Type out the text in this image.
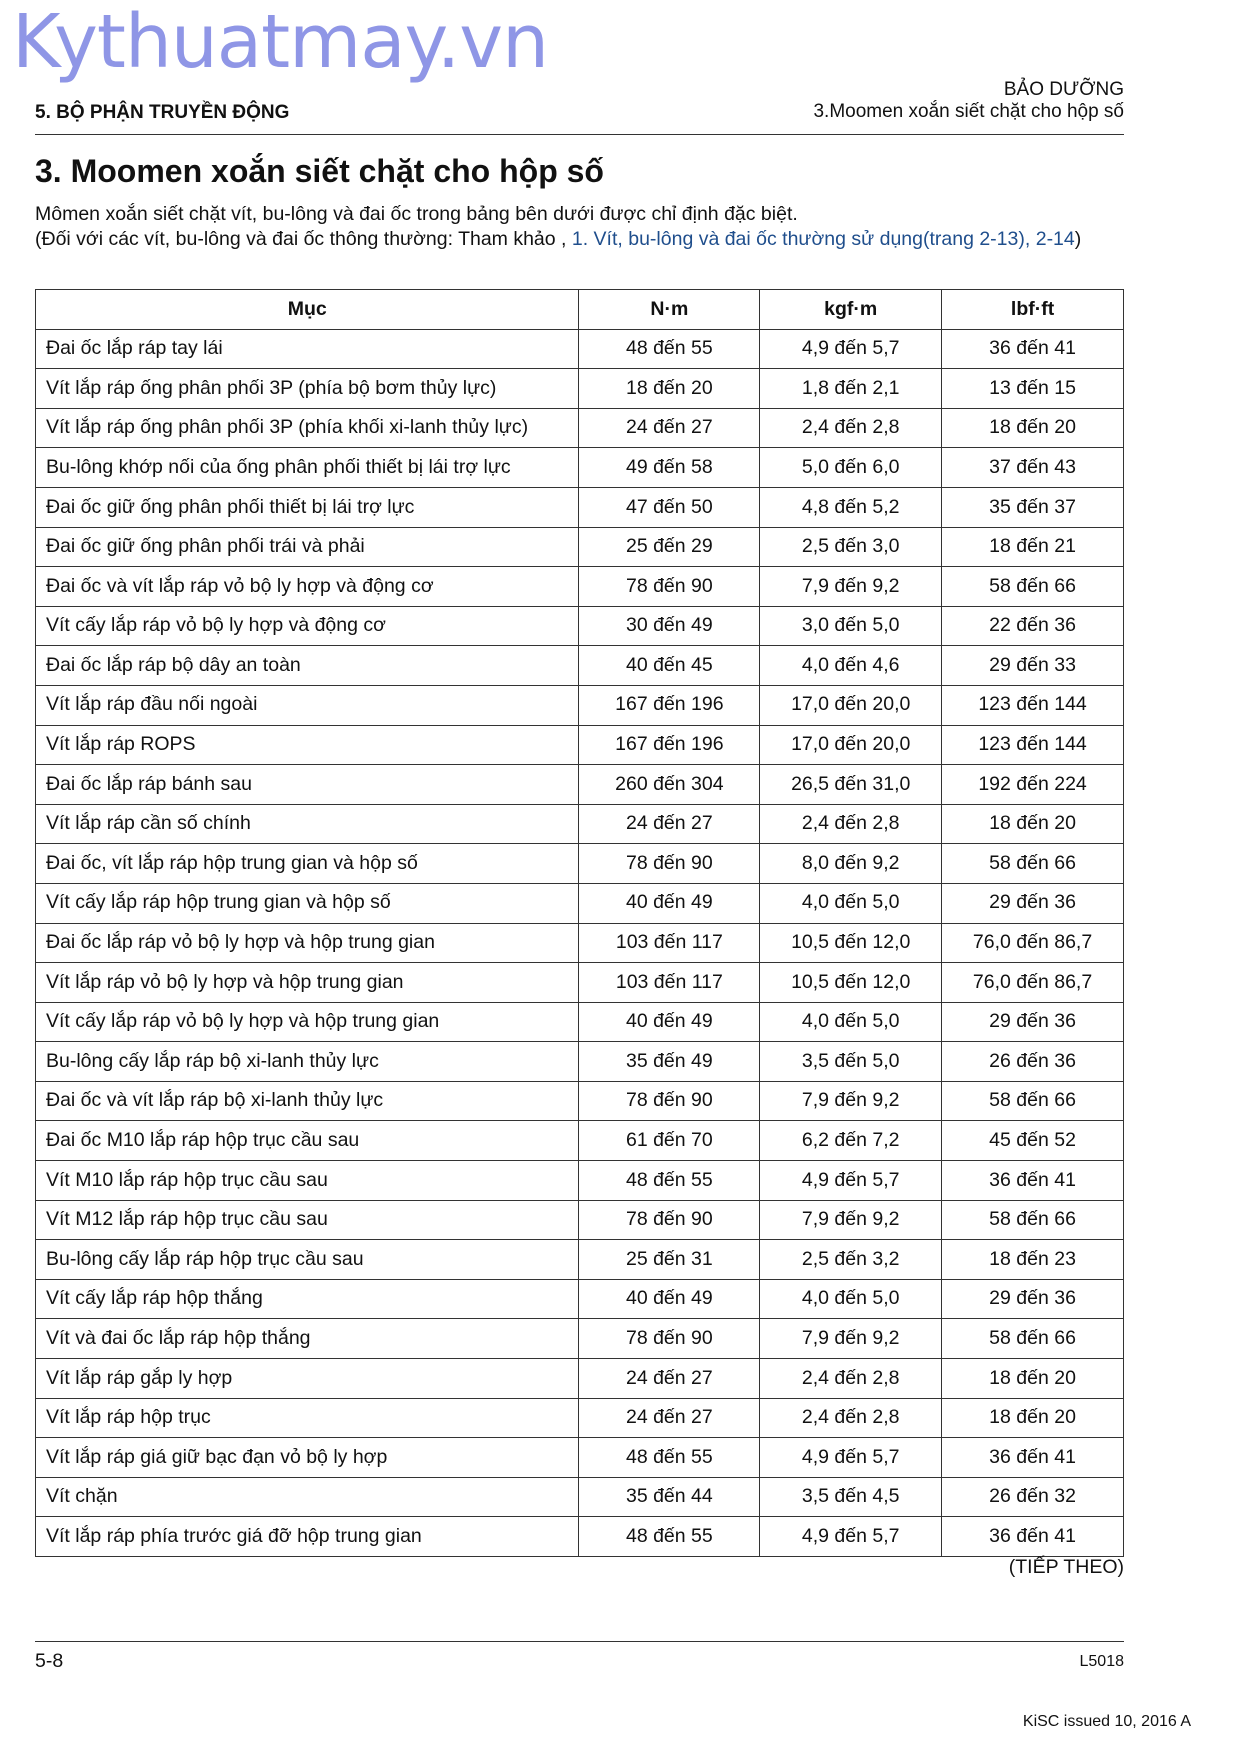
Kythuatmay.vn
5. BỘ PHẬN TRUYỀN ĐỘNG
BẢO DƯỠNG
3.Moomen xoắn siết chặt cho hộp số
3. Moomen xoắn siết chặt cho hộp số
Mômen xoắn siết chặt vít, bu-lông và đai ốc trong bảng bên dưới được chỉ định đặc biệt.
(Đối với các vít, bu-lông và đai ốc thông thường: Tham khảo , 1. Vít, bu-lông và đai ốc thường sử dụng(trang 2-13), 2-14)
Mục	N·m	kgf·m	lbf·ft
Đai ốc lắp ráp tay lái	48 đến 55	4,9 đến 5,7	36 đến 41
Vít lắp ráp ống phân phối 3P (phía bộ bơm thủy lực)	18 đến 20	1,8 đến 2,1	13 đến 15
Vít lắp ráp ống phân phối 3P (phía khối xi-lanh thủy lực)	24 đến 27	2,4 đến 2,8	18 đến 20
Bu-lông khớp nối của ống phân phối thiết bị lái trợ lực	49 đến 58	5,0 đến 6,0	37 đến 43
Đai ốc giữ ống phân phối thiết bị lái trợ lực	47 đến 50	4,8 đến 5,2	35 đến 37
Đai ốc giữ ống phân phối trái và phải	25 đến 29	2,5 đến 3,0	18 đến 21
Đai ốc và vít lắp ráp vỏ bộ ly hợp và động cơ	78 đến 90	7,9 đến 9,2	58 đến 66
Vít cấy lắp ráp vỏ bộ ly hợp và động cơ	30 đến 49	3,0 đến 5,0	22 đến 36
Đai ốc lắp ráp bộ dây an toàn	40 đến 45	4,0 đến 4,6	29 đến 33
Vít lắp ráp đầu nối ngoài	167 đến 196	17,0 đến 20,0	123 đến 144
Vít lắp ráp ROPS	167 đến 196	17,0 đến 20,0	123 đến 144
Đai ốc lắp ráp bánh sau	260 đến 304	26,5 đến 31,0	192 đến 224
Vít lắp ráp cần số chính	24 đến 27	2,4 đến 2,8	18 đến 20
Đai ốc, vít lắp ráp hộp trung gian và hộp số	78 đến 90	8,0 đến 9,2	58 đến 66
Vít cấy lắp ráp hộp trung gian và hộp số	40 đến 49	4,0 đến 5,0	29 đến 36
Đai ốc lắp ráp vỏ bộ ly hợp và hộp trung gian	103 đến 117	10,5 đến 12,0	76,0 đến 86,7
Vít lắp ráp vỏ bộ ly hợp và hộp trung gian	103 đến 117	10,5 đến 12,0	76,0 đến 86,7
Vít cấy lắp ráp vỏ bộ ly hợp và hộp trung gian	40 đến 49	4,0 đến 5,0	29 đến 36
Bu-lông cấy lắp ráp bộ xi-lanh thủy lực	35 đến 49	3,5 đến 5,0	26 đến 36
Đai ốc và vít lắp ráp bộ xi-lanh thủy lực	78 đến 90	7,9 đến 9,2	58 đến 66
Đai ốc M10 lắp ráp hộp trục cầu sau	61 đến 70	6,2 đến 7,2	45 đến 52
Vít M10 lắp ráp hộp trục cầu sau	48 đến 55	4,9 đến 5,7	36 đến 41
Vít M12 lắp ráp hộp trục cầu sau	78 đến 90	7,9 đến 9,2	58 đến 66
Bu-lông cấy lắp ráp hộp trục cầu sau	25 đến 31	2,5 đến 3,2	18 đến 23
Vít cấy lắp ráp hộp thắng	40 đến 49	4,0 đến 5,0	29 đến 36
Vít và đai ốc lắp ráp hộp thắng	78 đến 90	7,9 đến 9,2	58 đến 66
Vít lắp ráp gắp ly hợp	24 đến 27	2,4 đến 2,8	18 đến 20
Vít lắp ráp hộp trục	24 đến 27	2,4 đến 2,8	18 đến 20
Vít lắp ráp giá giữ bạc đạn vỏ bộ ly hợp	48 đến 55	4,9 đến 5,7	36 đến 41
Vít chặn	35 đến 44	3,5 đến 4,5	26 đến 32
Vít lắp ráp phía trước giá đỡ hộp trung gian	48 đến 55	4,9 đến 5,7	36 đến 41
(TIẾP THEO)
5-8	L5018
KiSC issued 10, 2016 A
